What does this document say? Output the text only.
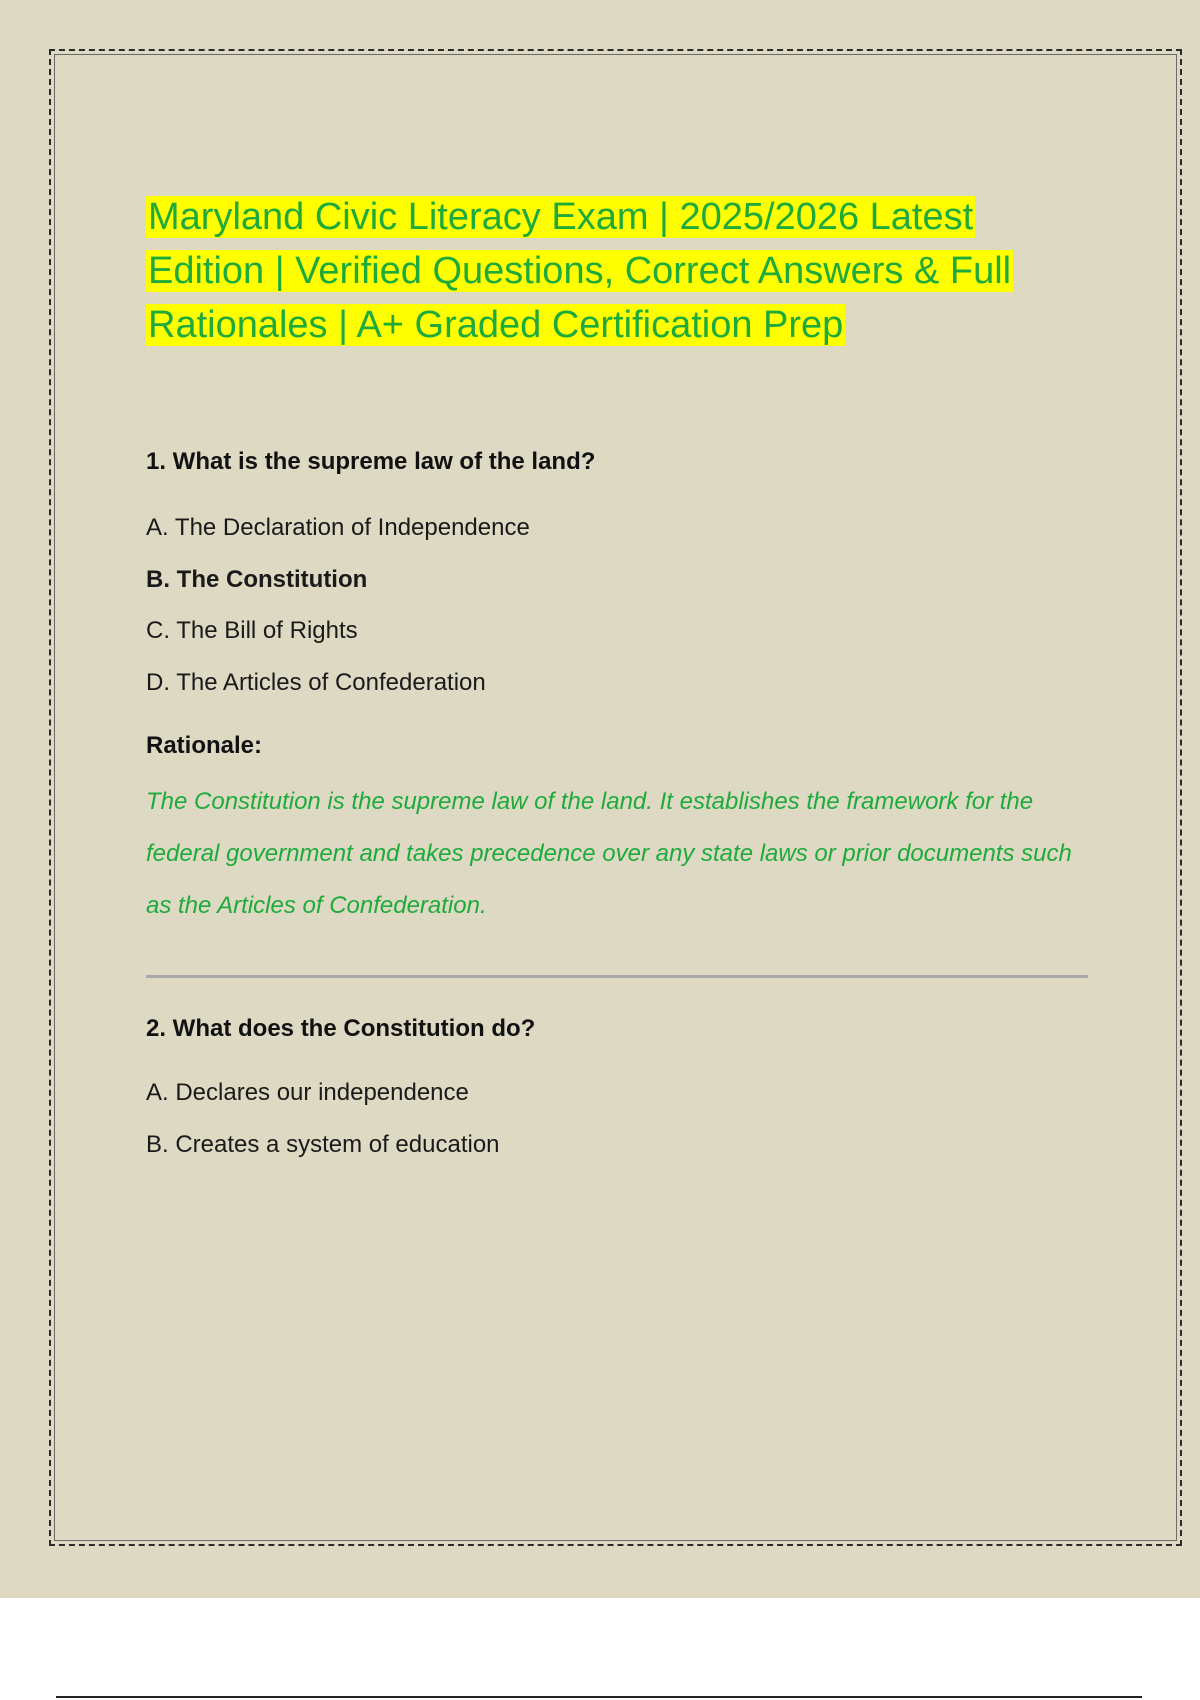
Maryland Civic Literacy Exam | 2025/2026 Latest Edition | Verified Questions, Correct Answers & Full Rationales | A+ Graded Certification Prep

1. What is the supreme law of the land?

A. The Declaration of Independence

B. The Constitution

C. The Bill of Rights

D. The Articles of Confederation

Rationale:

The Constitution is the supreme law of the land. It establishes the framework for the federal government and takes precedence over any state laws or prior documents such as the Articles of Confederation.

2. What does the Constitution do?

A. Declares our independence

B. Creates a system of education
